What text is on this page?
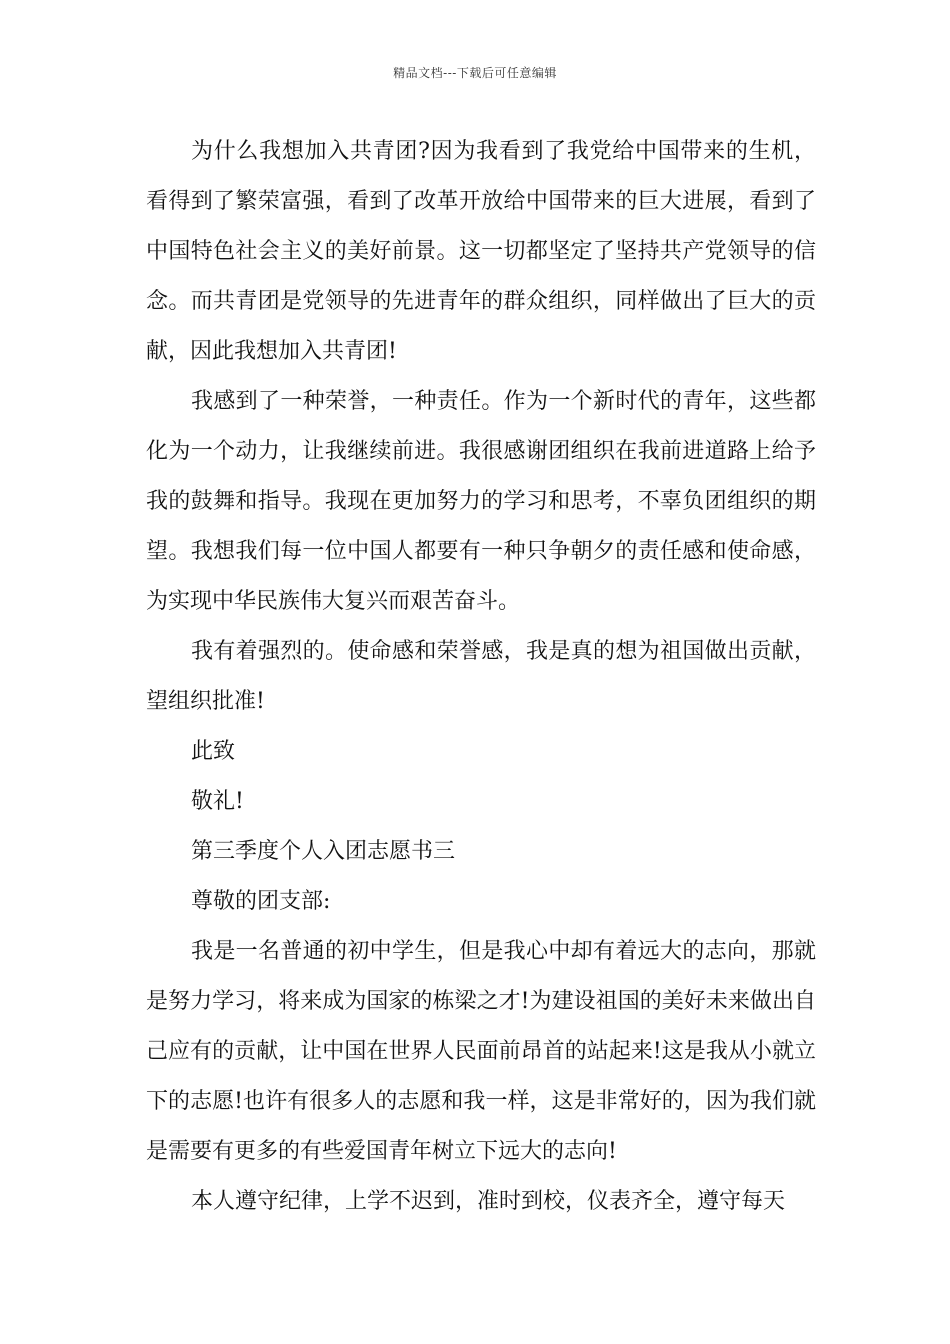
精品文档---下载后可任意编辑

为什么我想加入共青团?因为我看到了我党给中国带来的生机，看得到了繁荣富强，看到了改革开放给中国带来的巨大进展，看到了中国特色社会主义的美好前景。这一切都坚定了坚持共产党领导的信念。而共青团是党领导的先进青年的群众组织，同样做出了巨大的贡献，因此我想加入共青团!

我感到了一种荣誉，一种责任。作为一个新时代的青年，这些都化为一个动力，让我继续前进。我很感谢团组织在我前进道路上给予我的鼓舞和指导。我现在更加努力的学习和思考，不辜负团组织的期望。我想我们每一位中国人都要有一种只争朝夕的责任感和使命感，为实现中华民族伟大复兴而艰苦奋斗。

我有着强烈的。使命感和荣誉感，我是真的想为祖国做出贡献，望组织批准!

此致

敬礼!

第三季度个人入团志愿书三

尊敬的团支部:

我是一名普通的初中学生，但是我心中却有着远大的志向，那就是努力学习，将来成为国家的栋梁之才!为建设祖国的美好未来做出自己应有的贡献，让中国在世界人民面前昂首的站起来!这是我从小就立下的志愿!也许有很多人的志愿和我一样，这是非常好的，因为我们就是需要有更多的有些爱国青年树立下远大的志向!

本人遵守纪律，上学不迟到，准时到校，仪表齐全，遵守每天
